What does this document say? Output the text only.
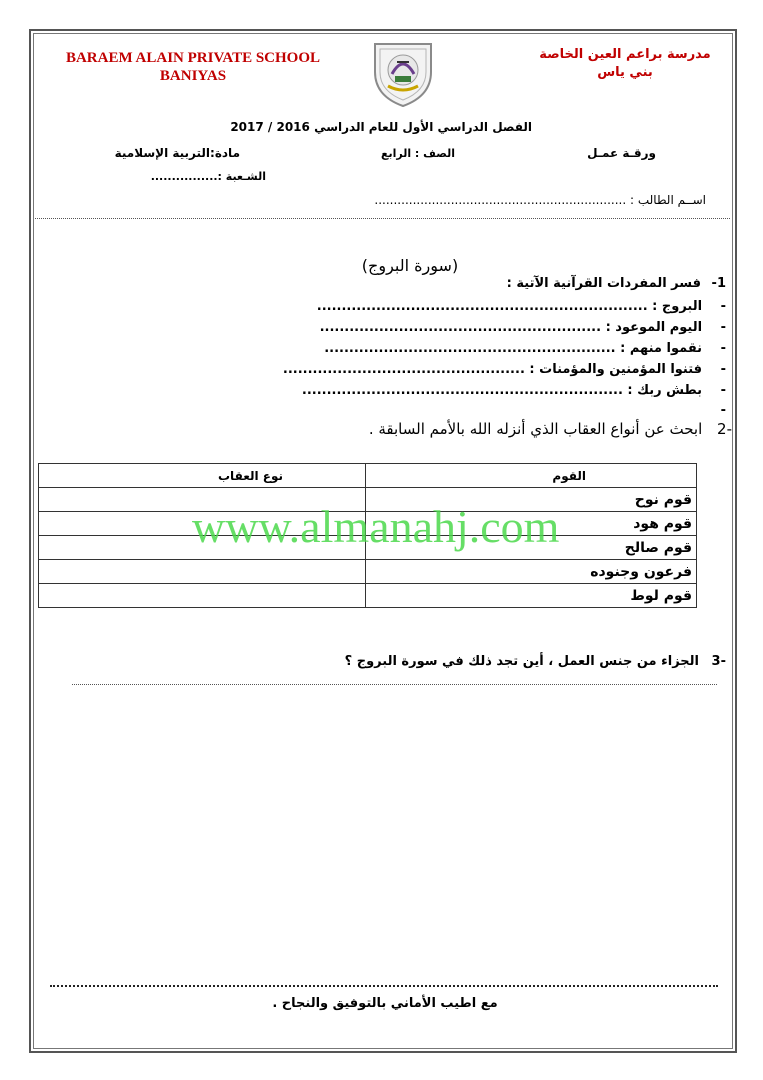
BARAEM ALAIN PRIVATE SCHOOL
BANIYAS
مدرسة براعم العين الخاصة
بني ياس
الفصل الدراسي الأول للعام الدراسي 2016 / 2017
ورقـة عمـل
الصف : الرابع
مادة:التربية الإسلامية
الشـعبة :................
اســم الطالب : ..................................................................
(سورة البروج)
1- فسر المفردات القرآنية الآتية :
- البروج : ...................................................................
- اليوم الموعود : .........................................................
- نقموا منهم : ...........................................................
- فتنوا المؤمنين والمؤمنات : .................................................
- بطش ربك : .................................................................
-
-2 ابحث عن أنواع العقاب الذي أنزله الله بالأمم السابقة .
القوم	نوع العقاب
قوم نوح	
قوم هود	
قوم صالح	
فرعون وجنوده	
قوم لوط	
www.almanahj.com
-3 الجزاء من جنس العمل ، أين تجد ذلك في سورة البروج ؟
مع اطيب الأماني بالتوفيق والنجاح .
